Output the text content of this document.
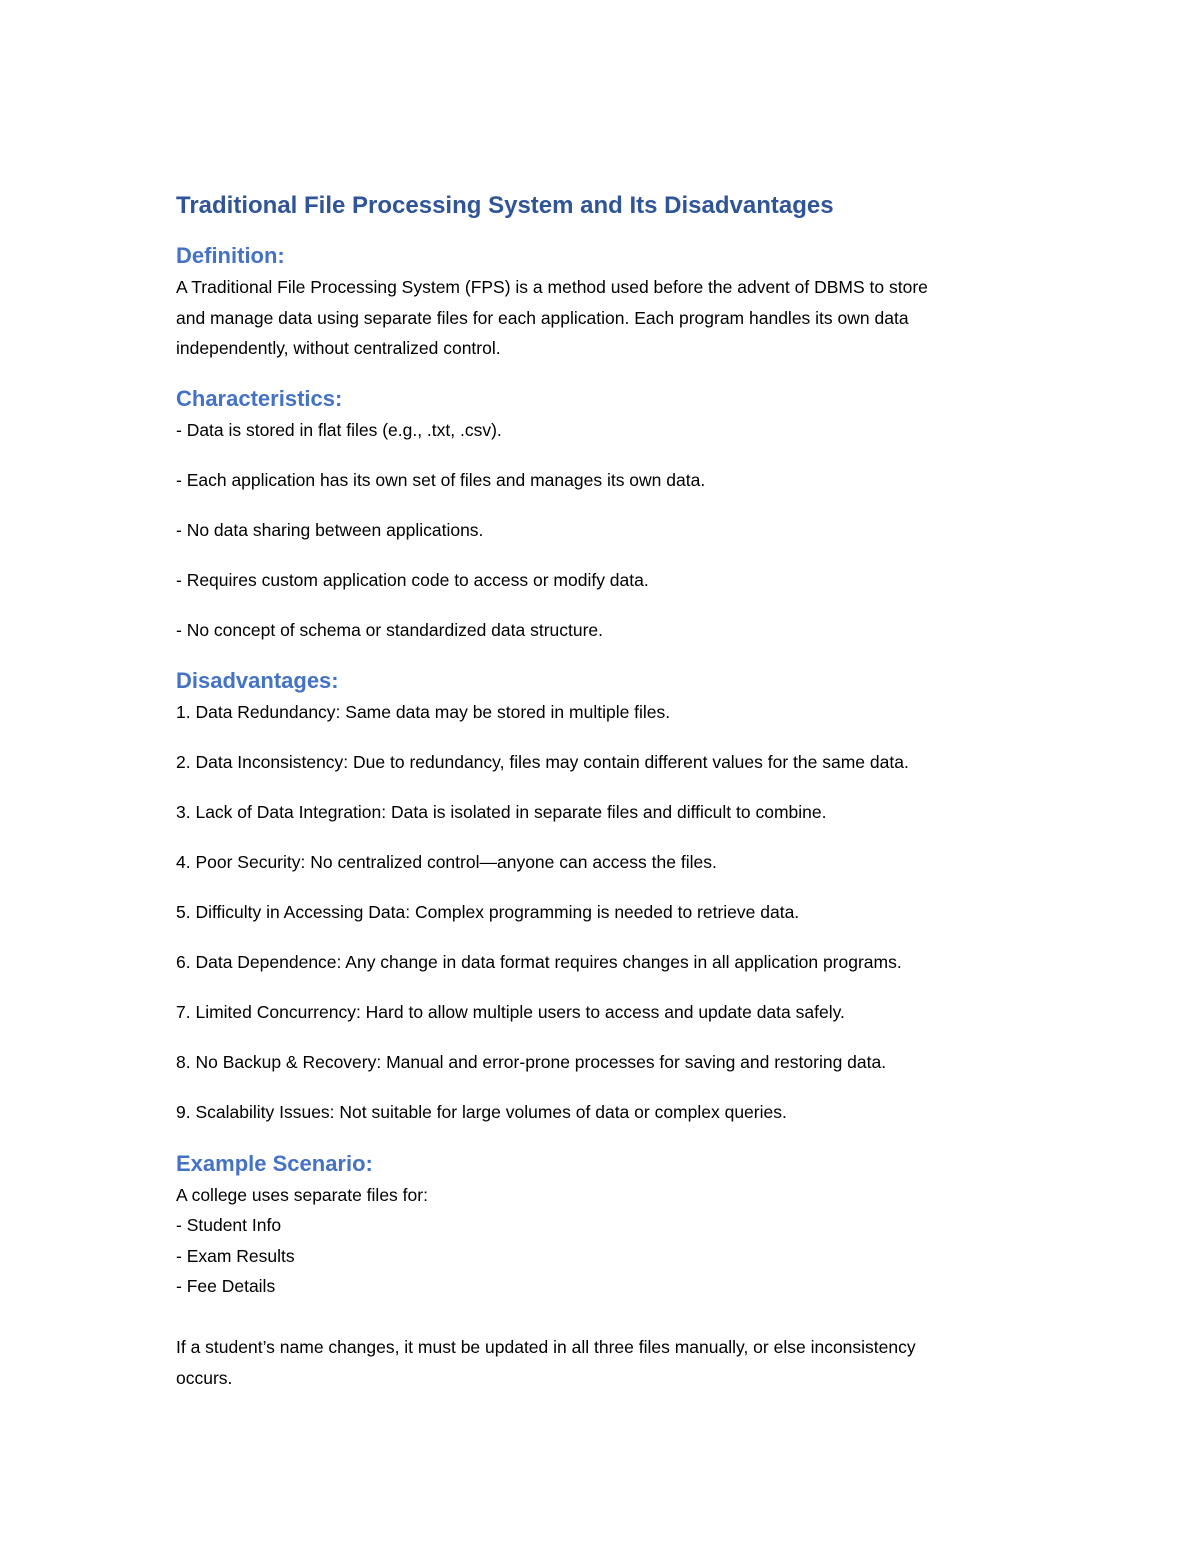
Traditional File Processing System and Its Disadvantages
Definition:

A Traditional File Processing System (FPS) is a method used before the advent of DBMS to store

and manage data using separate files for each application. Each program handles its own data

independently, without centralized control.

Characteristics:

- Data is stored in flat files (e.g., .txt, .csv).

- Each application has its own set of files and manages its own data.

- No data sharing between applications.

- Requires custom application code to access or modify data.

- No concept of schema or standardized data structure.

Disadvantages:

1. Data Redundancy: Same data may be stored in multiple files.

2. Data Inconsistency: Due to redundancy, files may contain different values for the same data.

3. Lack of Data Integration: Data is isolated in separate files and difficult to combine.

4. Poor Security: No centralized control—anyone can access the files.

5. Difficulty in Accessing Data: Complex programming is needed to retrieve data.

6. Data Dependence: Any change in data format requires changes in all application programs.

7. Limited Concurrency: Hard to allow multiple users to access and update data safely.

8. No Backup & Recovery: Manual and error-prone processes for saving and restoring data.

9. Scalability Issues: Not suitable for large volumes of data or complex queries.

Example Scenario:

A college uses separate files for:

- Student Info

- Exam Results

- Fee Details

If a student’s name changes, it must be updated in all three files manually, or else inconsistency

occurs.
